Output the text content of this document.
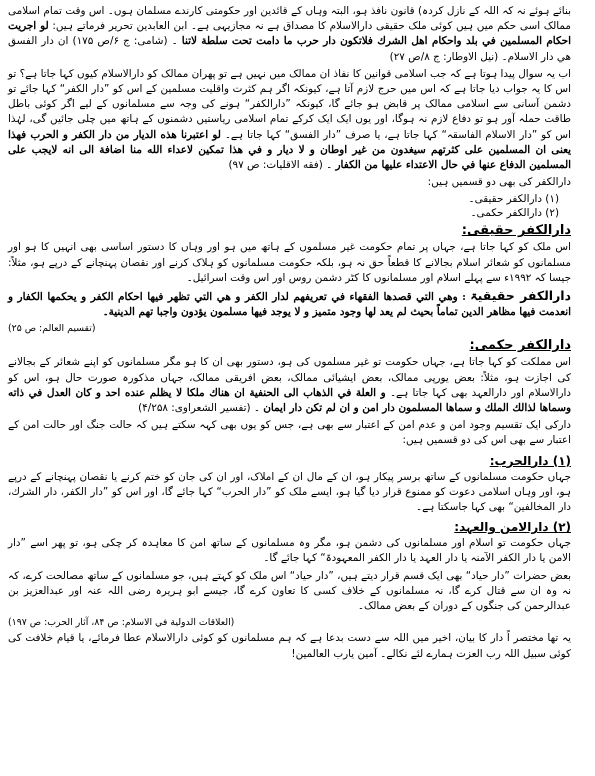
بنائے ہوئے نہ کہ اللہ کے نازل کردہ) قانون نافذ ہو، البتہ وہاں کے قائدین اور حکومتی کارندے مسلمان ہوں۔ اس وقت تمام اسلامی ممالک اسی حکم میں ہیں کوئی ملک حقیقی دارالاسلام کا مصداق ہے نہ مجازیہی ہے۔ ابن العابدین تحریر فرماتے ہیں: لو اجريت احكام المسلمين في بلد واحكام اهل الشرك فلاتكون دار حرب ما دامت تحت سلطة لاتنا ۔ (شامی: ج ۶/ص ۱۷۵) ان دار الفسق هي دار الاسلام۔ (نیل الاوطار: ج ۸/ص ۲۷)

اب یہ سوال پیدا ہوتا ہے کہ جب اسلامی قوانین کا نفاذ ان ممالک میں نہیں ہے تو پھران ممالک کو دارالاسلام کیوں کہا جاتا ہے؟ تو اس کا یہ جواب دیا جاتا ہے کہ اس میں حرج لازم آتا ہے، کیونکہ اگر ہم کثرت واقلیت مسلمین کے اس کو ”دار الکفر“ کہا جائے تو دشمن آسانی سے اسلامی ممالک پر قابض ہو جائے گا، کیونکہ ”دارالکفر“ ہونے کی وجہ سے مسلمانوں کے لیے اگر کوئی باطل طاقت حملہ آور ہو تو دفاع لازم نہ ہوگا، اور یوں ایک ایک کرکے تمام اسلامی ریاستیں دشمنوں کے ہاتھ میں چلی جائیں گی، لہٰذا اس کو ”دار الاسلام الفاسقہ“ کہا جاتا ہے، یا صرف ”دار الفسق“ کہا جاتا ہے۔ لو اعتبرنا هذه الديار من دار الكفر و الحرب فهذا يعنى ان المسلمين على كثرتهم سيغدون من غير اوطان و لا ديار و في هذا تمكين لاعداء الله منا اضافة الى انه لايجب على المسلمين الدفاع عنها في حال الاعتداء عليها من الكفار ۔ (فقه الاقليات: ص ۹۷)

دارالکفر کی بھی دو قسمیں ہیں:

(۱) دارالکفر حقیقی۔
(۲) دارالکفر حکمی۔
دارالکفر حقیقی:

اس ملک کو کہا جاتا ہے، جہاں پر تمام حکومت غیر مسلموں کے ہاتھ میں ہو اور وہاں کا دستور اساسی بھی انہیں کا ہو اور مسلمانوں کو شعائر اسلام بجالانے کا قطعاً حق نہ ہو، بلکہ حکومت مسلمانوں کو ہلاک کرنے اور نقصان پہنچانے کے درپے ہو، مثلاً: جیسا کہ ۱۹۹۲ء سے پہلے اسلام اور مسلمانوں کا کٹر دشمن روس اور اس وقت اسرائیل۔

دارالکفر حقیقیۃ : وهي التي قصدها الفقهاء في تعريفهم لدار الكفر و هي التي تظهر فيها احكام الكفر و يحكمها الكفار و انعدمت فيها مظاهر الدين تماماً بحيث لم يعد لها وجود متميز و لا يوجد فيها مسلمون يؤدون واجبا تهم الدينية۔

(تقسیم العالم: ص ۲۵)

دارالکفر حکمی:

اس مملکت کو کہا جاتا ہے، جہاں حکومت تو غیر مسلموں کی ہو، دستور بھی ان کا ہو مگر مسلمانوں کو اپنے شعائر کے بجالانے کی اجازت ہو، مثلاً: بعض یورپی ممالک، بعض ایشیائی ممالک، بعض افریقی ممالک، جہاں مذکورہ صورت حال ہو، اس کو دارالاسلام اور دارالعہد بھی کہا جاتا ہے۔ و العلة في الذهاب الى الحنفية ان هناك ملكا لا يظلم عنده احد و كان العدل في ذاته وسماها لذالك الملك و سماها المسلمون دار امن و ان لم تكن دار ايمان ۔ (تفسیر الشعراوی: ۴/۲۵۸)

دارکی ایک تقسیم وجود امن و عدم امن کے اعتبار سے بھی ہے، جس کو یوں بھی کہہ سکتے ہیں کہ حالت جنگ اور حالت امن کے اعتبار سے بھی اس کی دو قسمیں ہیں:

(۱) دارالحرب:

جہاں حکومت مسلمانوں کے ساتھ برسر پیکار ہو، ان کے مال ان کے املاک، اور ان کی جان کو ختم کرنے یا نقصان پہنچانے کے درپے ہو، اور وہاں اسلامی دعوت کو ممنوع قرار دیا گیا ہو، ایسے ملک کو ”دار الحرب“ کہا جائے گا، اور اس کو ”دار الكفر، دار الشرك، دار المخالفين“ بھی کہا جاسکتا ہے۔

(۲) دارالامن والعہد:

جہاں حکومت تو اسلام اور مسلمانوں کی دشمن ہو، مگر وہ مسلمانوں کے ساتھ امن کا معاہدہ کر چکی ہو، تو پھر اسے ”دار الامن یا دار الکفر الآمنہ یا دار العہد یا دار الکفر المعہودۃ“ کہا جائے گا۔

بعض حضرات ”دار حیاد“ بھی ایک قسم قرار دیتے ہیں، ”دار حیاد“ اس ملک کو کہتے ہیں، جو مسلمانوں کے ساتھ مصالحت کرے، کہ نہ وہ ان سے قتال کرے گا، نہ مسلمانوں کے خلاف کسی کا تعاون کرے گا، جیسے ابو ہریرہ رضی اللہ عنہ اور عبدالعزیز بن عبدالرحمن کی جنگوں کے دوران کے بعض ممالک۔

(العلاقات الدولية في الاسلام: ص ۸۴، آثار الحرب: ص ۱۹۷)

یہ تھا مختصر اً دار کا بیان، اخیر میں اللہ سے دست بدعا ہے کہ ہم مسلمانوں کو کوئی دارالاسلام عطا فرمائے، یا قیام خلافت کی کوئی سبیل اللہ رب العزت ہمارے لئے نکالے۔ آمین یارب العالمین!
